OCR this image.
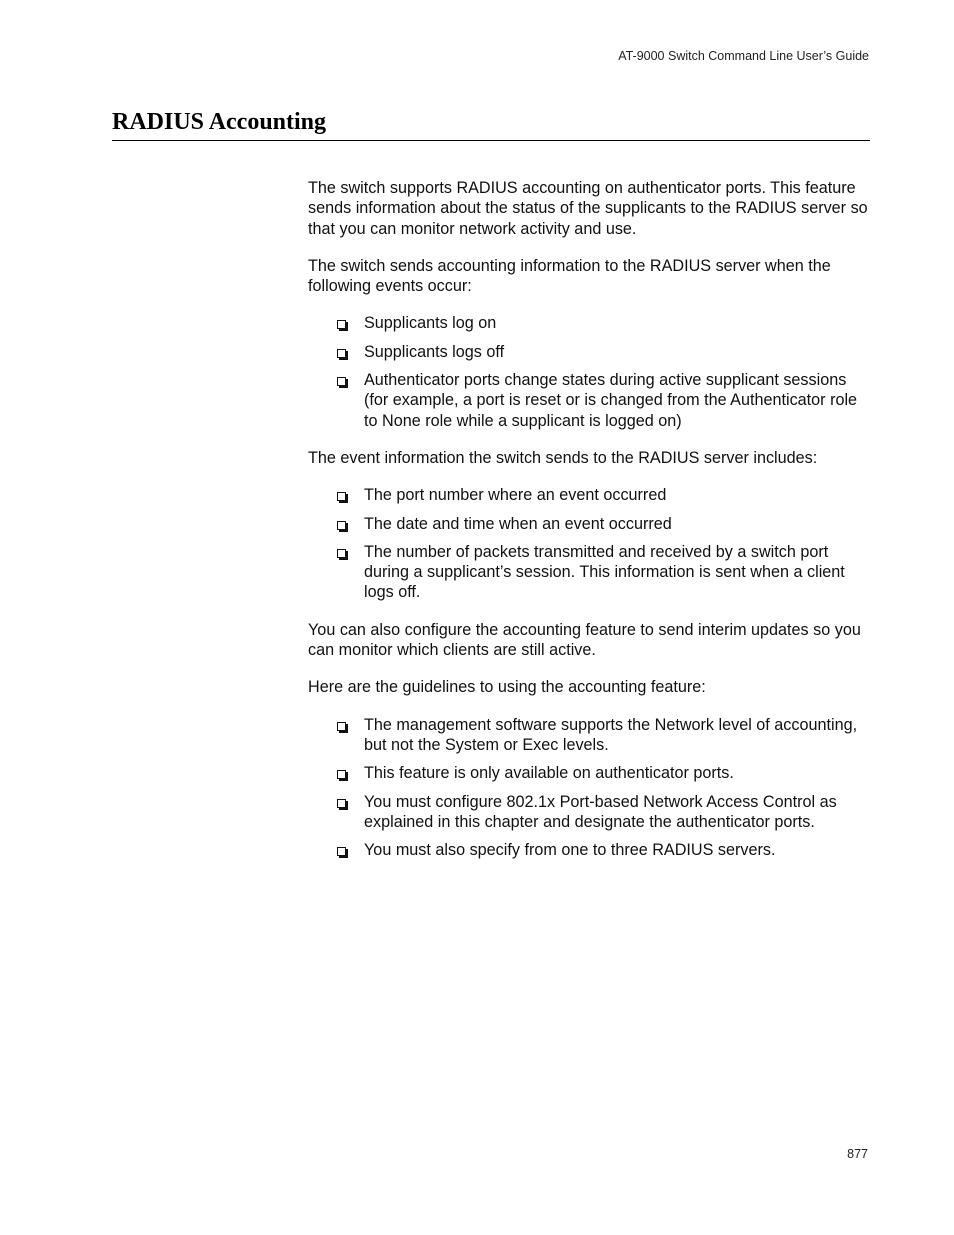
AT-9000 Switch Command Line User’s Guide
RADIUS Accounting

The switch supports RADIUS accounting on authenticator ports. This feature sends information about the status of the supplicants to the RADIUS server so that you can monitor network activity and use.

The switch sends accounting information to the RADIUS server when the following events occur:

Supplicants log on
Supplicants logs off
Authenticator ports change states during active supplicant sessions (for example, a port is reset or is changed from the Authenticator role to None role while a supplicant is logged on)

The event information the switch sends to the RADIUS server includes:

The port number where an event occurred
The date and time when an event occurred
The number of packets transmitted and received by a switch port during a supplicant’s session. This information is sent when a client logs off.

You can also configure the accounting feature to send interim updates so you can monitor which clients are still active.

Here are the guidelines to using the accounting feature:

The management software supports the Network level of accounting, but not the System or Exec levels.
This feature is only available on authenticator ports.
You must configure 802.1x Port-based Network Access Control as explained in this chapter and designate the authenticator ports.
You must also specify from one to three RADIUS servers.
877
